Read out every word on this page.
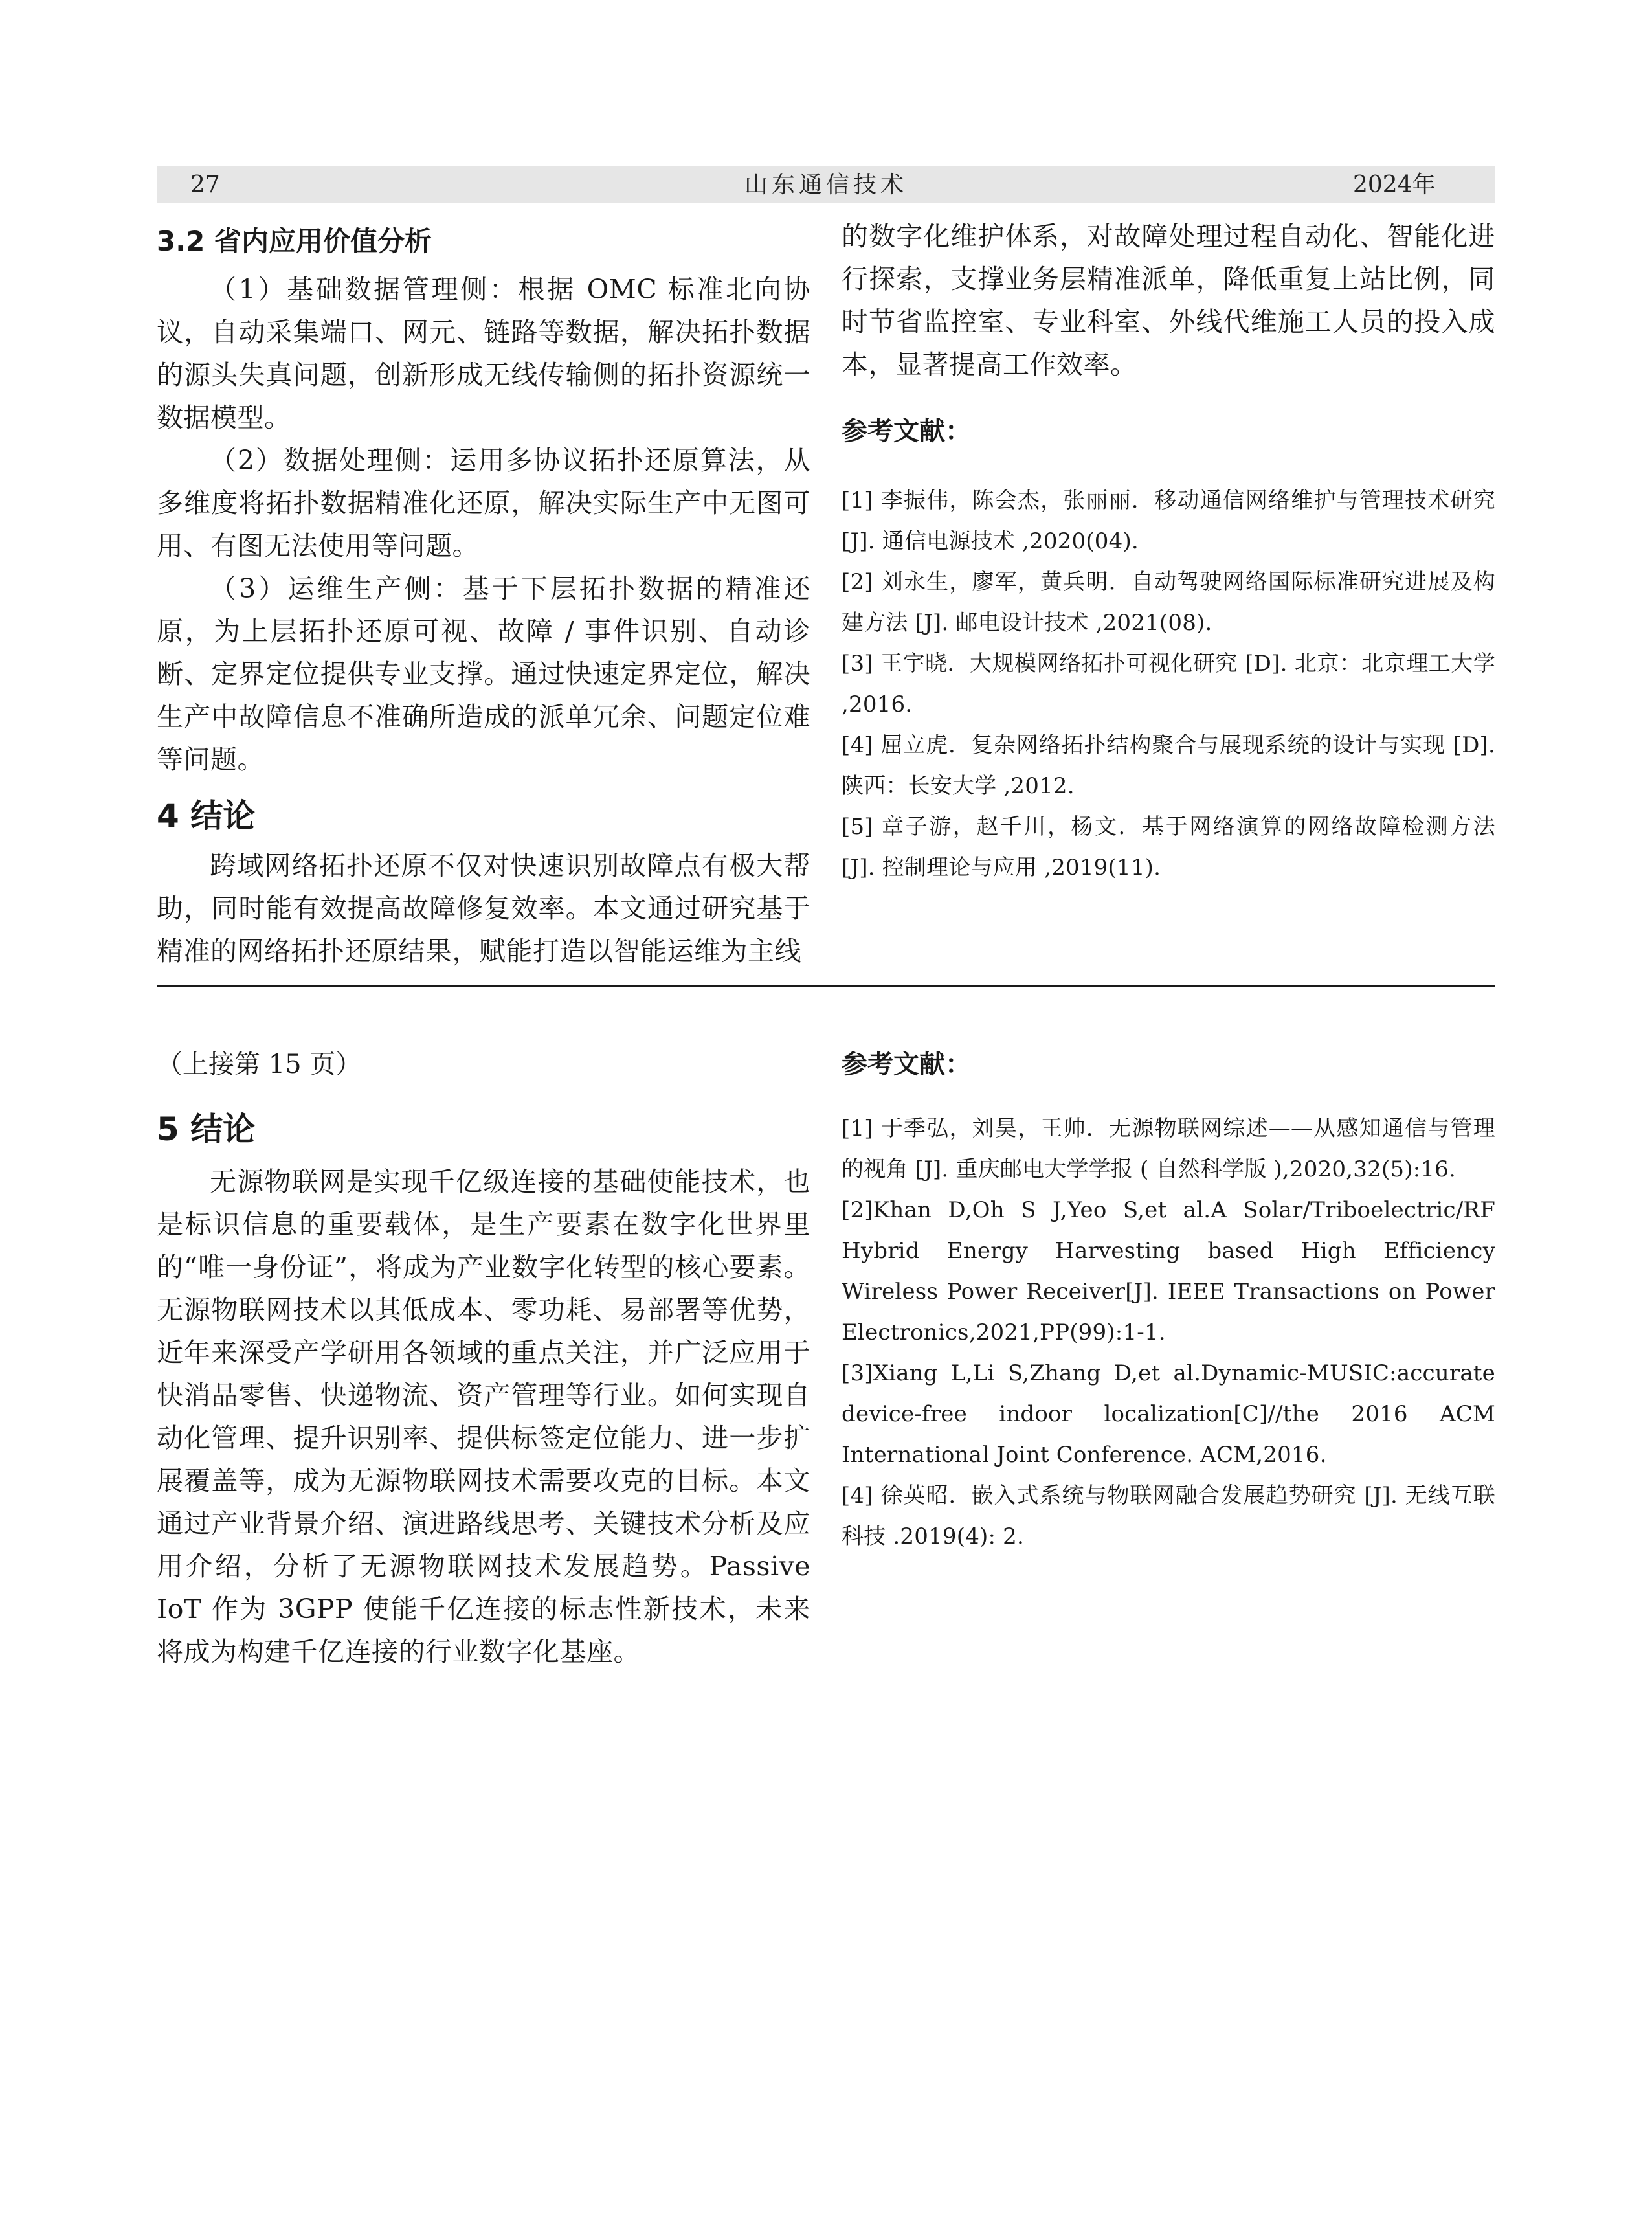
山东通信技术
27	2024年
3.2 省内应用价值分析

（1）基础数据管理侧：根据 OMC 标准北向协议，自动采集端口、网元、链路等数据，解决拓扑数据的源头失真问题，创新形成无线传输侧的拓扑资源统一数据模型。

（2）数据处理侧：运用多协议拓扑还原算法，从多维度将拓扑数据精准化还原，解决实际生产中无图可用、有图无法使用等问题。

（3）运维生产侧：基于下层拓扑数据的精准还原，为上层拓扑还原可视、故障 / 事件识别、自动诊断、定界定位提供专业支撑。通过快速定界定位，解决生产中故障信息不准确所造成的派单冗余、问题定位难等问题。

4 结论

跨域网络拓扑还原不仅对快速识别故障点有极大帮助，同时能有效提高故障修复效率。本文通过研究基于精准的网络拓扑还原结果，赋能打造以智能运维为主线

的数字化维护体系，对故障处理过程自动化、智能化进行探索，支撑业务层精准派单，降低重复上站比例，同时节省监控室、专业科室、外线代维施工人员的投入成本，显著提高工作效率。

参考文献：
[1] 李振伟，陈会杰，张丽丽．移动通信网络维护与管理技术研究 [J]. 通信电源技术 ,2020(04).
[2] 刘永生，廖军，黄兵明．自动驾驶网络国际标准研究进展及构建方法 [J]. 邮电设计技术 ,2021(08).
[3] 王宇晓．大规模网络拓扑可视化研究 [D]. 北京：北京理工大学 ,2016.
[4] 屈立虎．复杂网络拓扑结构聚合与展现系统的设计与实现 [D]. 陕西：长安大学 ,2012.
[5] 章子游，赵千川，杨文．基于网络演算的网络故障检测方法 [J]. 控制理论与应用 ,2019(11).

（上接第 15 页）

5 结论

无源物联网是实现千亿级连接的基础使能技术，也是标识信息的重要载体，是生产要素在数字化世界里的“唯一身份证”，将成为产业数字化转型的核心要素。无源物联网技术以其低成本、零功耗、易部署等优势，近年来深受产学研用各领域的重点关注，并广泛应用于快消品零售、快递物流、资产管理等行业。如何实现自动化管理、提升识别率、提供标签定位能力、进一步扩展覆盖等，成为无源物联网技术需要攻克的目标。本文通过产业背景介绍、演进路线思考、关键技术分析及应用介绍，分析了无源物联网技术发展趋势。Passive IoT 作为 3GPP 使能千亿连接的标志性新技术，未来将成为构建千亿连接的行业数字化基座。

参考文献：
[1] 于季弘，刘昊，王帅．无源物联网综述——从感知通信与管理的视角 [J]. 重庆邮电大学学报 ( 自然科学版 ),2020,32(5):16.
[2]Khan D,Oh S J,Yeo S,et al.A Solar/Triboelectric/RF Hybrid Energy Harvesting based High Efficiency Wireless Power Receiver[J]. IEEE Transactions on Power Electronics,2021,PP(99):1-1.
[3]Xiang L,Li S,Zhang D,et al.Dynamic-MUSIC:accurate device-free indoor localization[C]//the 2016 ACM International Joint Conference. ACM,2016.
[4] 徐英昭．嵌入式系统与物联网融合发展趋势研究 [J]. 无线互联科技 .2019(4): 2.
